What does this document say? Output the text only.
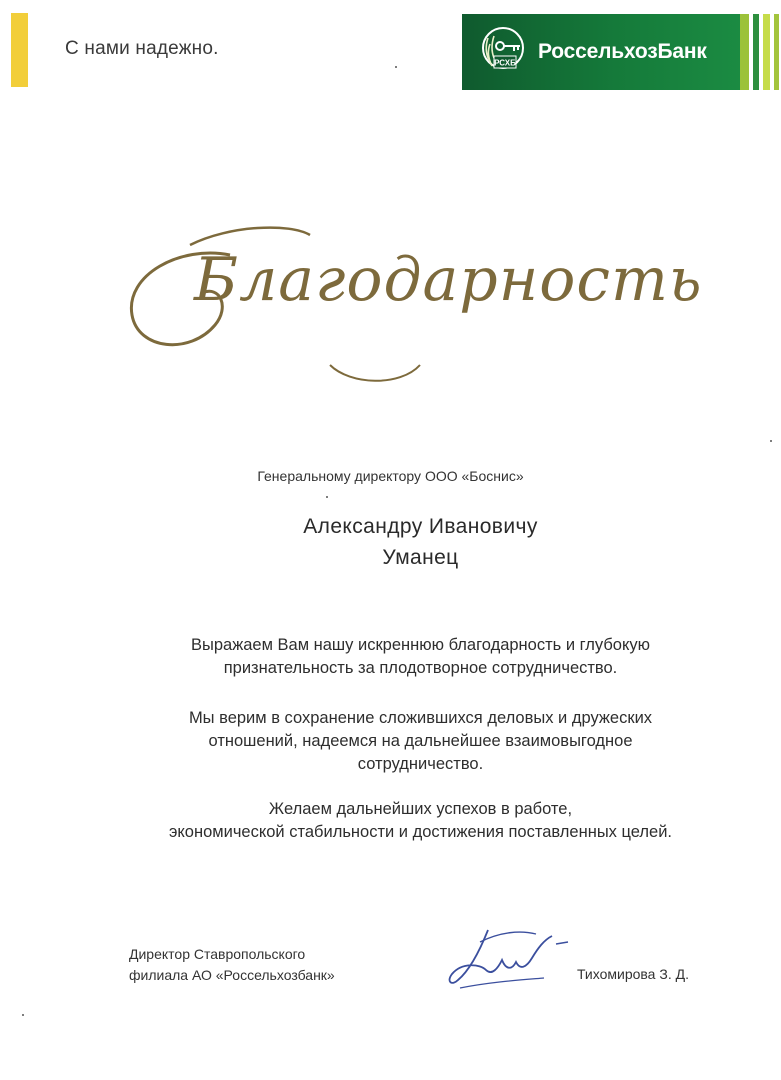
С нами надежно.
РСХБ РоссельхозБанк
Благодарность
Генеральному директору ООО «Боснис»
Александру Ивановичу
Уманец
Выражаем Вам нашу искреннюю благодарность и глубокую
признательность за плодотворное сотрудничество.
Мы верим в сохранение сложившихся деловых и дружеских
отношений, надеемся на дальнейшее взаимовыгодное
сотрудничество.
Желаем дальнейших успехов в работе,
экономической стабильности и достижения поставленных целей.
Директор Ставропольского
филиала АО «Россельхозбанк»	Тихомирова З. Д.
